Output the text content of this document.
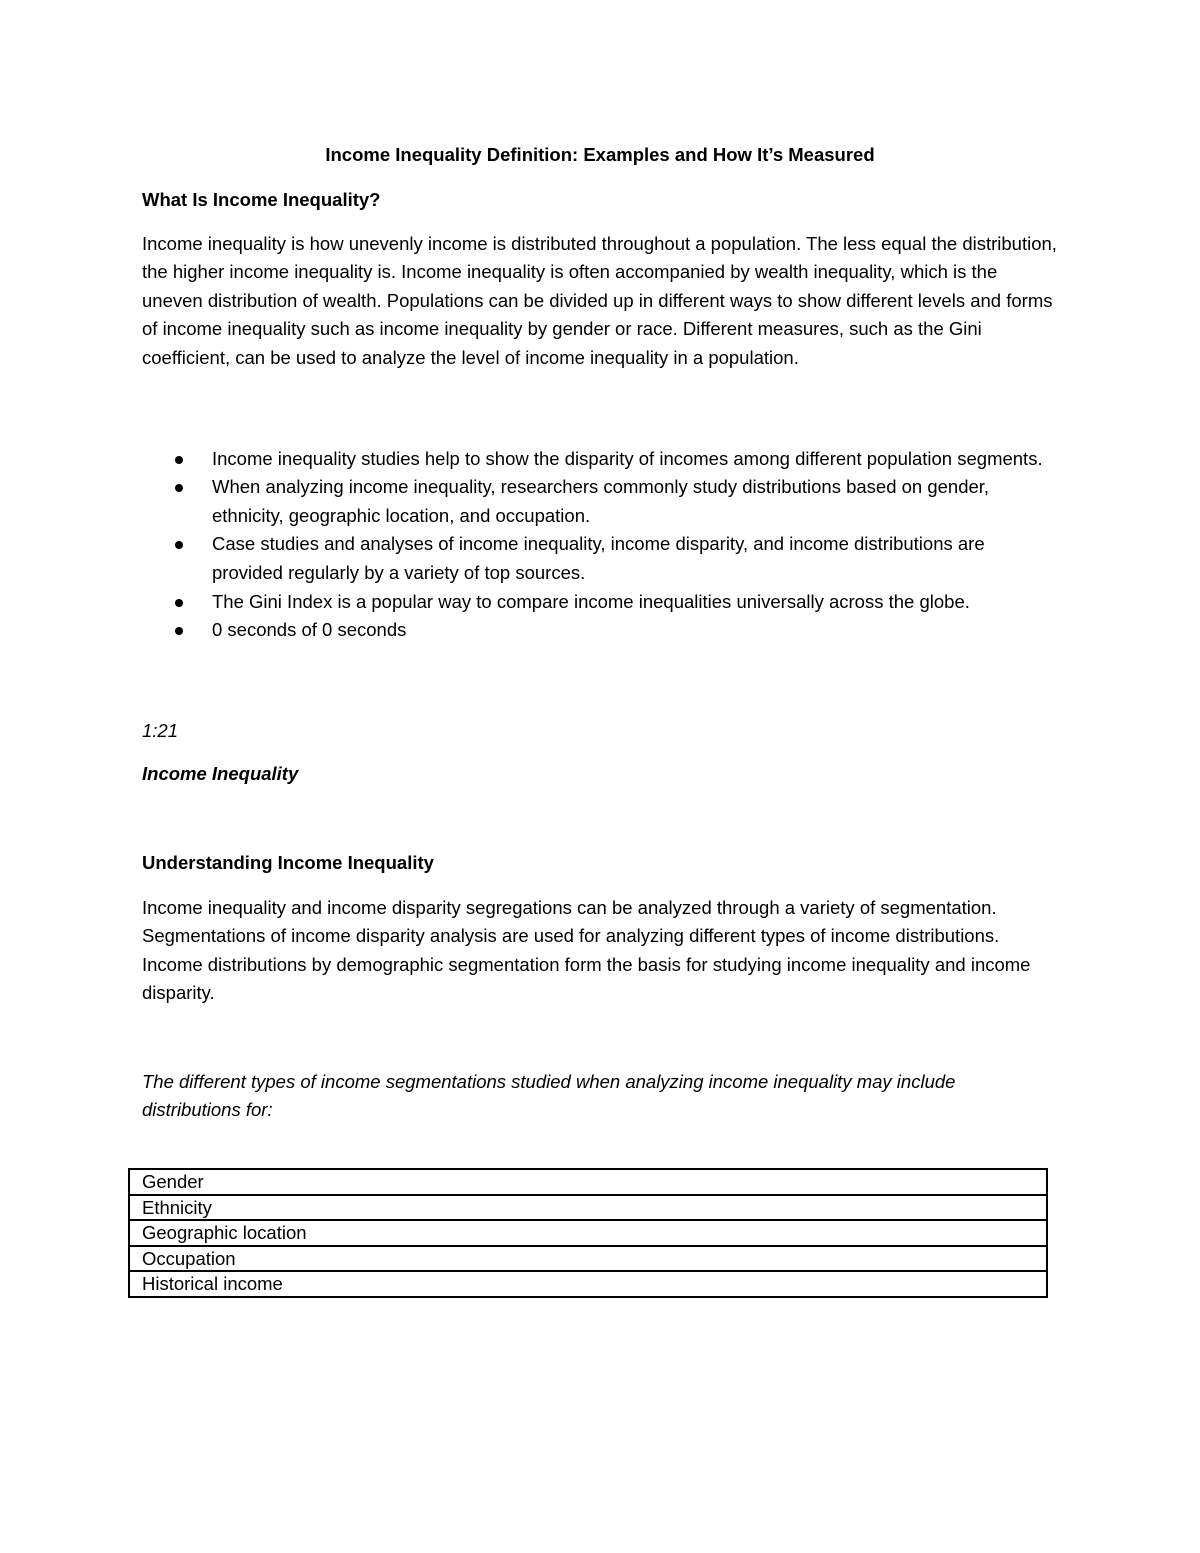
Income Inequality Definition: Examples and How It’s Measured

What Is Income Inequality?

Income inequality is how unevenly income is distributed throughout a population. The less equal the distribution, the higher income inequality is. Income inequality is often accompanied by wealth inequality, which is the uneven distribution of wealth. Populations can be divided up in different ways to show different levels and forms of income inequality such as income inequality by gender or race. Different measures, such as the Gini coefficient, can be used to analyze the level of income inequality in a population.

Income inequality studies help to show the disparity of incomes among different population segments.
When analyzing income inequality, researchers commonly study distributions based on gender, ethnicity, geographic location, and occupation.
Case studies and analyses of income inequality, income disparity, and income distributions are provided regularly by a variety of top sources.
The Gini Index is a popular way to compare income inequalities universally across the globe.
0 seconds of 0 seconds

1:21

Income Inequality

Understanding Income Inequality

Income inequality and income disparity segregations can be analyzed through a variety of segmentation. Segmentations of income disparity analysis are used for analyzing different types of income distributions. Income distributions by demographic segmentation form the basis for studying income inequality and income disparity.

The different types of income segmentations studied when analyzing income inequality may include distributions for:

Gender
Ethnicity
Geographic location
Occupation
Historical income
